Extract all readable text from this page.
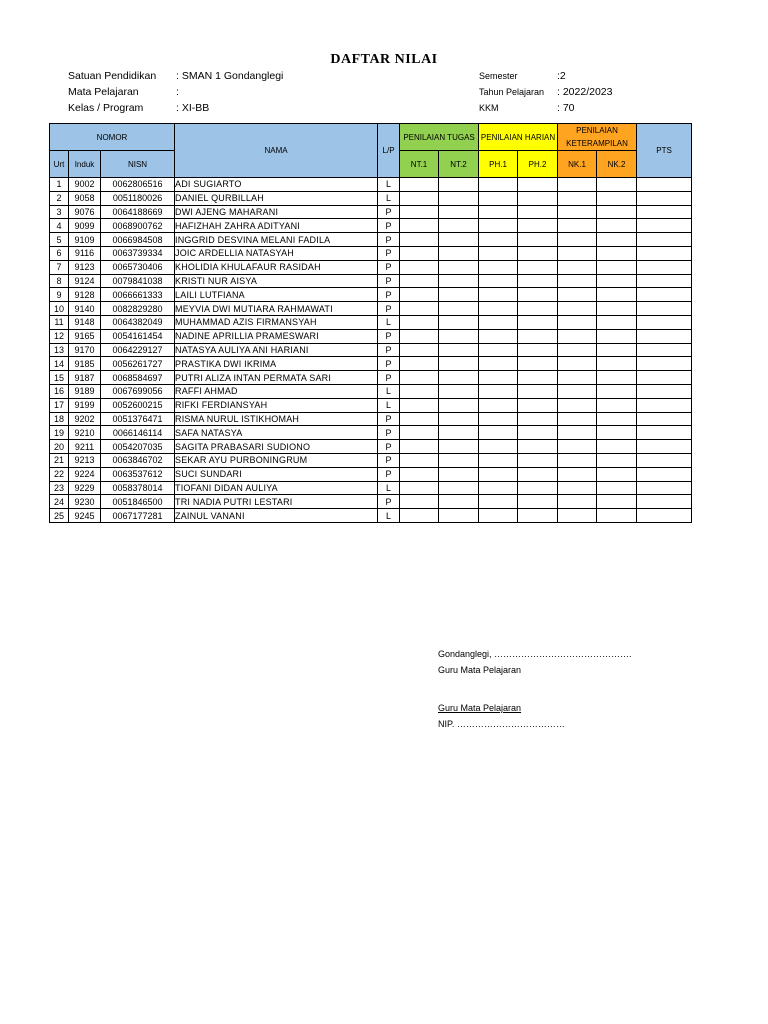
DAFTAR NILAI
Satuan Pendidikan	: SMAN 1 Gondanglegi
Mata Pelajaran	:
Kelas / Program	: XI-BB
Semester	:2
Tahun Pelajaran	: 2022/2023
KKM	: 70
NOMOR			NAMA	L/P	PENILAIAN TUGAS		PENILAIAN HARIAN		PENILAIAN KETERAMPILAN		PTS

Urt	Induk	NISN			NT.1	NT.2	PH.1	PH.2	NK.1	NK.2	
1	9002	0062806516	ADI SUGIARTO	L							
2	9058	0051180026	DANIEL QURBILLAH	L							
3	9076	0064188669	DWI AJENG MAHARANI	P							
4	9099	0068900762	HAFIZHAH ZAHRA ADITYANI	P							
5	9109	0066984508	INGGRID DESVINA MELANI FADILA	P							
6	9116	0063739334	JOIC ARDELLIA NATASYAH	P							
7	9123	0065730406	KHOLIDIA KHULAFAUR RASIDAH	P							
8	9124	0079841038	KRISTI NUR AISYA	P							
9	9128	0066661333	LAILI LUTFIANA	P							
10	9140	0082829280	MEYVIA DWI MUTIARA RAHMAWATI	P							
11	9148	0064382049	MUHAMMAD AZIS FIRMANSYAH	L							
12	9165	0054161454	NADINE APRILLIA PRAMESWARI	P							
13	9170	0064229127	NATASYA AULIYA ANI HARIANI	P							
14	9185	0056261727	PRASTIKA DWI IKRIMA	P							
15	9187	0068584697	PUTRI ALIZA INTAN PERMATA SARI	P							
16	9189	0067699056	RAFFI AHMAD	L							
17	9199	0052600215	RIFKI FERDIANSYAH	L							
18	9202	0051376471	RISMA NURUL ISTIKHOMAH	P							
19	9210	0066146114	SAFA NATASYA	P							
20	9211	0054207035	SAGITA PRABASARI SUDIONO	P							
21	9213	0063846702	SEKAR AYU PURBONINGRUM	P							
22	9224	0063537612	SUCI SUNDARI	P							
23	9229	0058378014	TIOFANI DIDAN AULIYA	L							
24	9230	0051846500	TRI NADIA PUTRI LESTARI	P							
25	9245	0067177281	ZAINUL VANANI	L							
Gondanglegi, ……………………………………….
Guru Mata Pelajaran
Guru Mata Pelajaran
NIP. ………………………………
